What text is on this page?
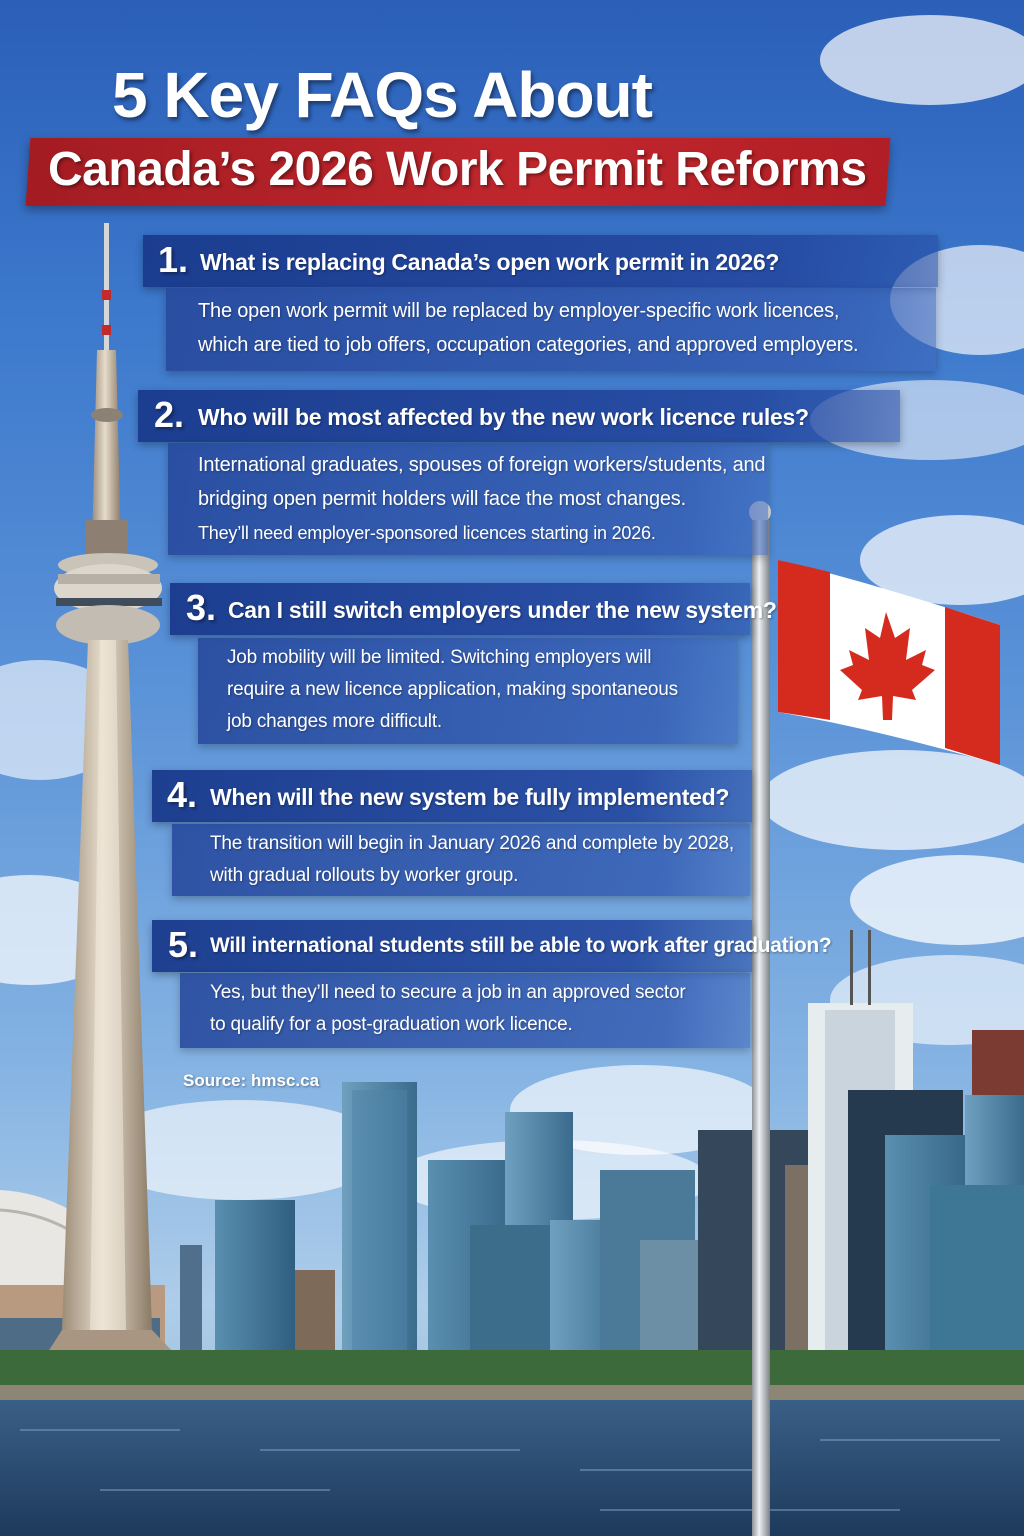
5 Key FAQs About
Canada’s 2026 Work Permit Reforms
1. What is replacing Canada’s open work permit in 2026?
The open work permit will be replaced by employer-specific work licences,
which are tied to job offers, occupation categories, and approved employers.
2. Who will be most affected by the new work licence rules?
International graduates, spouses of foreign workers/students, and
bridging open permit holders will face the most changes.
They’ll need employer-sponsored licences starting in 2026.
3. Can I still switch employers under the new system?
Job mobility will be limited. Switching employers will
require a new licence application, making spontaneous
job changes more difficult.
4. When will the new system be fully implemented?
The transition will begin in January 2026 and complete by 2028,
with gradual rollouts by worker group.
5. Will international students still be able to work after graduation?
Yes, but they’ll need to secure a job in an approved sector
to qualify for a post-graduation work licence.
Source: hmsc.ca
